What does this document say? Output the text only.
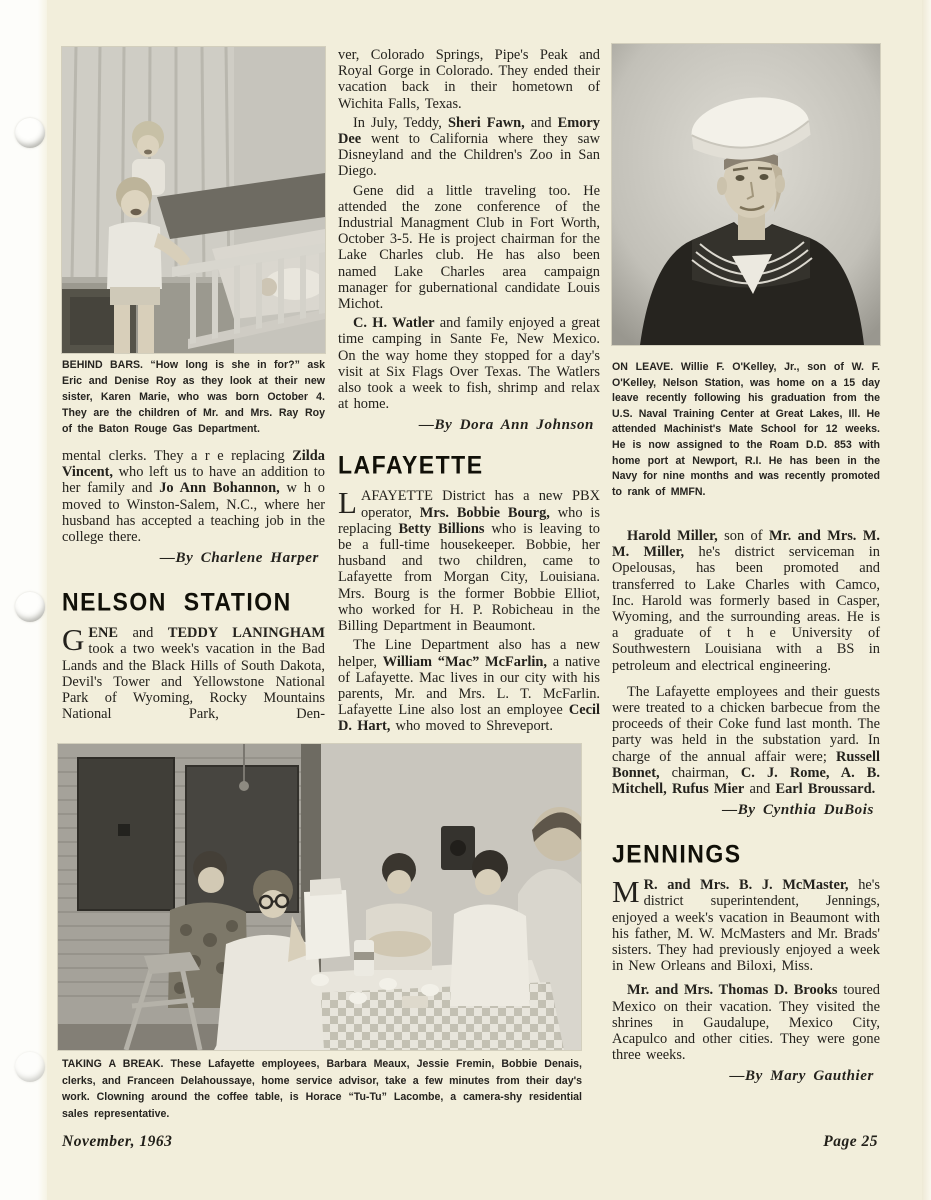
BEHIND BARS. “How long is she in for?” ask Eric and Denise Roy as they look at their new sister, Karen Marie, who was born October 4. They are the children of Mr. and Mrs. Ray Roy of the Baton Rouge Gas Department.

mental clerks. They a r e replacing Zilda Vincent, who left us to have an addition to her family and Jo Ann Bohannon, w h o moved to Winston-Salem, N.C., where her husband has accepted a teaching job in the college there.

—By Charlene Harper

NELSON STATION

GENE and TEDDY LANINGHAM took a two week's vacation in the Bad Lands and the Black Hills of South Dakota, Devil's Tower and Yellowstone National Park of Wyoming, Rocky Mountains National Park, Den-

ver, Colorado Springs, Pipe's Peak and Royal Gorge in Colorado. They ended their vacation back in their hometown of Wichita Falls, Texas.

In July, Teddy, Sheri Fawn, and Emory Dee went to California where they saw Disneyland and the Children's Zoo in San Diego.

Gene did a little traveling too. He attended the zone conference of the Industrial Managment Club in Fort Worth, October 3-5. He is project chairman for the Lake Charles club. He has also been named Lake Charles area campaign manager for gubernational candidate Louis Michot.

C. H. Watler and family enjoyed a great time camping in Sante Fe, New Mexico. On the way home they stopped for a day's visit at Six Flags Over Texas. The Watlers also took a week to fish, shrimp and relax at home.

—By Dora Ann Johnson

LAFAYETTE

LAFAYETTE District has a new PBX operator, Mrs. Bobbie Bourg, who is replacing Betty Billions who is leaving to be a full-time housekeeper. Bobbie, her husband and two children, came to Lafayette from Morgan City, Louisiana. Mrs. Bourg is the former Bobbie Elliot, who worked for H. P. Robicheau in the Billing Department in Beaumont.

The Line Department also has a new helper, William “Mac” McFarlin, a native of Lafayette. Mac lives in our city with his parents, Mr. and Mrs. L. T. McFarlin. Lafayette Line also lost an employee Cecil D. Hart, who moved to Shreveport.

ON LEAVE. Willie F. O'Kelley, Jr., son of W. F. O'Kelley, Nelson Station, was home on a 15 day leave recently following his graduation from the U.S. Naval Training Center at Great Lakes, Ill. He attended Machinist's Mate School for 12 weeks. He is now assigned to the Roam D.D. 853 with home port at Newport, R.I. He has been in the Navy for nine months and was recently promoted to rank of MMFN.

Harold Miller, son of Mr. and Mrs. M. M. Miller, he's district serviceman in Opelousas, has been promoted and transferred to Lake Charles with Camco, Inc. Harold was formerly based in Casper, Wyoming, and the surrounding areas. He is a graduate of t h e University of Southwestern Louisiana with a BS in petroleum and electrical engineering.

The Lafayette employees and their guests were treated to a chicken barbecue from the proceeds of their Coke fund last month. The party was held in the substation yard. In charge of the annual affair were; Russell Bonnet, chairman, C. J. Rome, A. B. Mitchell, Rufus Mier and Earl Broussard.

—By Cynthia DuBois

JENNINGS

M R. and Mrs. B. J. McMaster, he's district superintendent, Jennings, enjoyed a week's vacation in Beaumont with his father, M. W. McMasters and Mr. Brads' sisters. They had previously enjoyed a week in New Orleans and Biloxi, Miss.

Mr. and Mrs. Thomas D. Brooks toured Mexico on their vacation. They visited the shrines in Gaudalupe, Mexico City, Acapulco and other cities. They were gone three weeks.

—By Mary Gauthier

TAKING A BREAK. These Lafayette employees, Barbara Meaux, Jessie Fremin, Bobbie Denais, clerks, and Franceen Delahoussaye, home service advisor, take a few minutes from their day's work. Clowning around the coffee table, is Horace “Tu-Tu” Lacombe, a camera-shy residential sales representative.

November, 1963	Page 25
